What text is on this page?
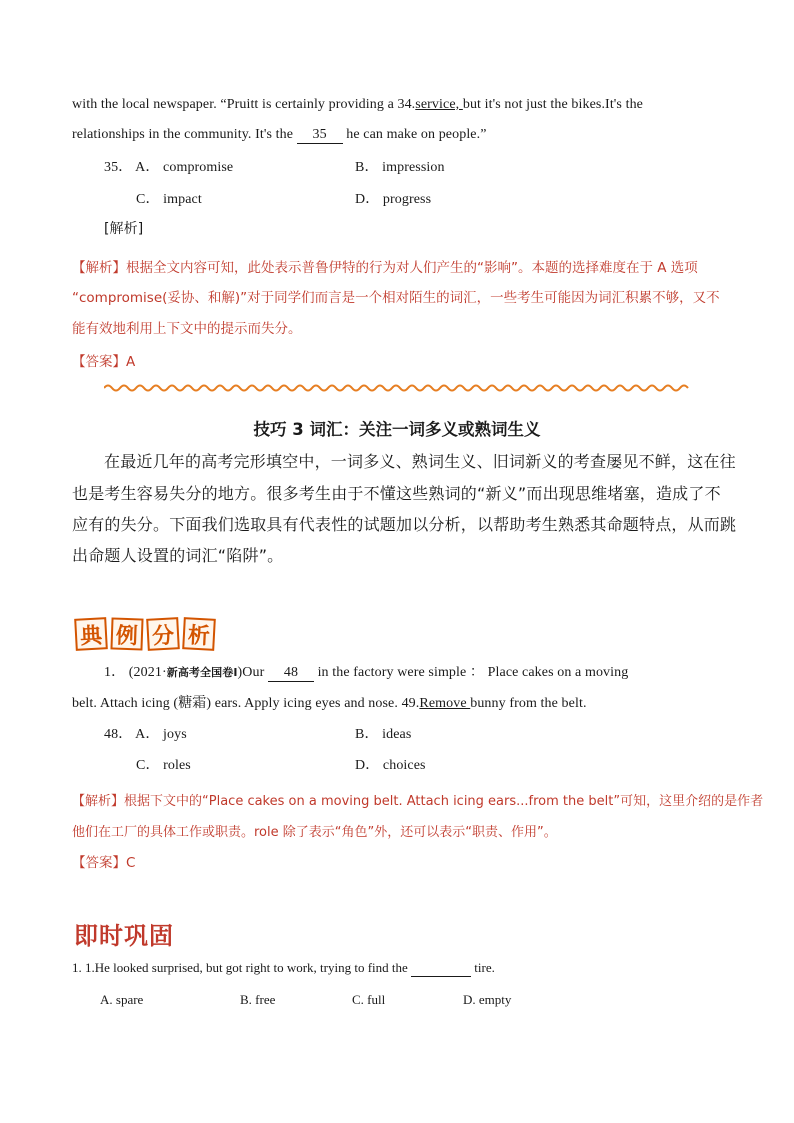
with the local newspaper. “Pruitt is certainly providing a 34.service, but it's not just the bikes.It's the
relationships in the community. It's the 35 he can make on people.”
35． A． compromise	B． impression
C． impact	D． progress
[解析]
【解析】根据全文内容可知，此处表示普鲁伊特的行为对人们产生的“影响”。本题的选择难度在于 A 选项
“compromise(妥协、和解)”对于同学们而言是一个相对陌生的词汇，一些考生可能因为词汇积累不够，又不
能有效地利用上下文中的提示而失分。
【答案】A
技巧 3 词汇：关注一词多义或熟词生义
在最近几年的高考完形填空中，一词多义、熟词生义、旧词新义的考查屡见不鲜，这在往
也是考生容易失分的地方。很多考生由于不懂这些熟词的“新义”而出现思维堵塞，造成了不
应有的失分。下面我们选取具有代表性的试题加以分析，以帮助考生熟悉其命题特点，从而跳
出命题人设置的词汇“陷阱”。
典 例 分 析
1． (2021·新高考全国卷Ⅰ)Our 48 in the factory were simple ： Place cakes on a moving
belt. Attach icing (糖霜) ears. Apply icing eyes and nose. 49.Remove bunny from the belt.
48． A． joys	B． ideas
C． roles	D． choices
【解析】根据下文中的“Place cakes on a moving belt. Attach icing ears...from the belt”可知，这里介绍的是作者
他们在工厂的具体工作或职责。role 除了表示“角色”外，还可以表示“职责、作用”。
【答案】C
即时巩固
1. 1.He looked surprised, but got right to work, trying to find the	tire.
A. spare	B. free	C. full	D. empty
